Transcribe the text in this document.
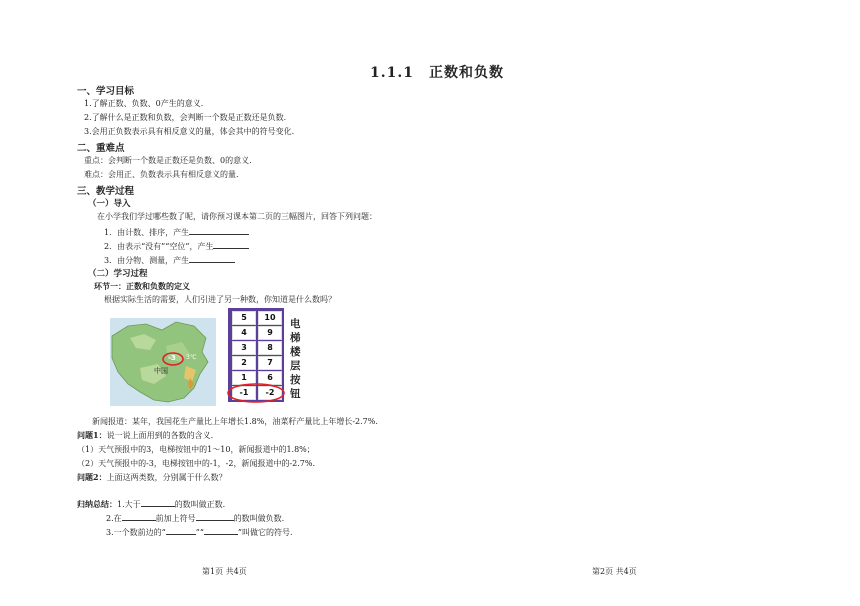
1.1.1　正数和负数
一、学习目标
1.了解正数、负数、0产生的意义.
2.了解什么是正数和负数，会判断一个数是正数还是负数.
3.会用正负数表示具有相反意义的量，体会其中的符号变化.
二、重难点
重点：会判断一个数是正数还是负数、0的意义.
难点：会用正、负数表示具有相反意义的量.
三、教学过程
（一）导入
在小学我们学过哪些数了呢，请你预习课本第二页的三幅图片，回答下列问题：
1．由计数、排序，产生
2．由表示“没有”“空位”，产生
3．由分物、测量，产生
（二）学习过程
环节一：正数和负数的定义
根据实际生活的需要，人们引进了另一种数，你知道是什么数吗？
-3 3℃
中国
5	10
4	9
3	8
2	7
1	6
-1	-2
电梯楼层按钮
新闻报道：某年，我国花生产量比上年增长1.8%，油菜籽产量比上年增长-2.7%.
问题1：说一说上面用到的各数的含义.
（1）天气预报中的3，电梯按钮中的1～10，新闻报道中的1.8%；
（2）天气预报中的-3，电梯按钮中的-1，-2，新闻报道中的-2.7%.
问题2：上面这两类数，分别属于什么数？
归纳总结：1.大于	的数叫做正数.
2.在	前加上符号	的数叫做负数.
3.一个数前边的“	”“	”叫做它的符号.
第1页 共4页	第2页 共4页
